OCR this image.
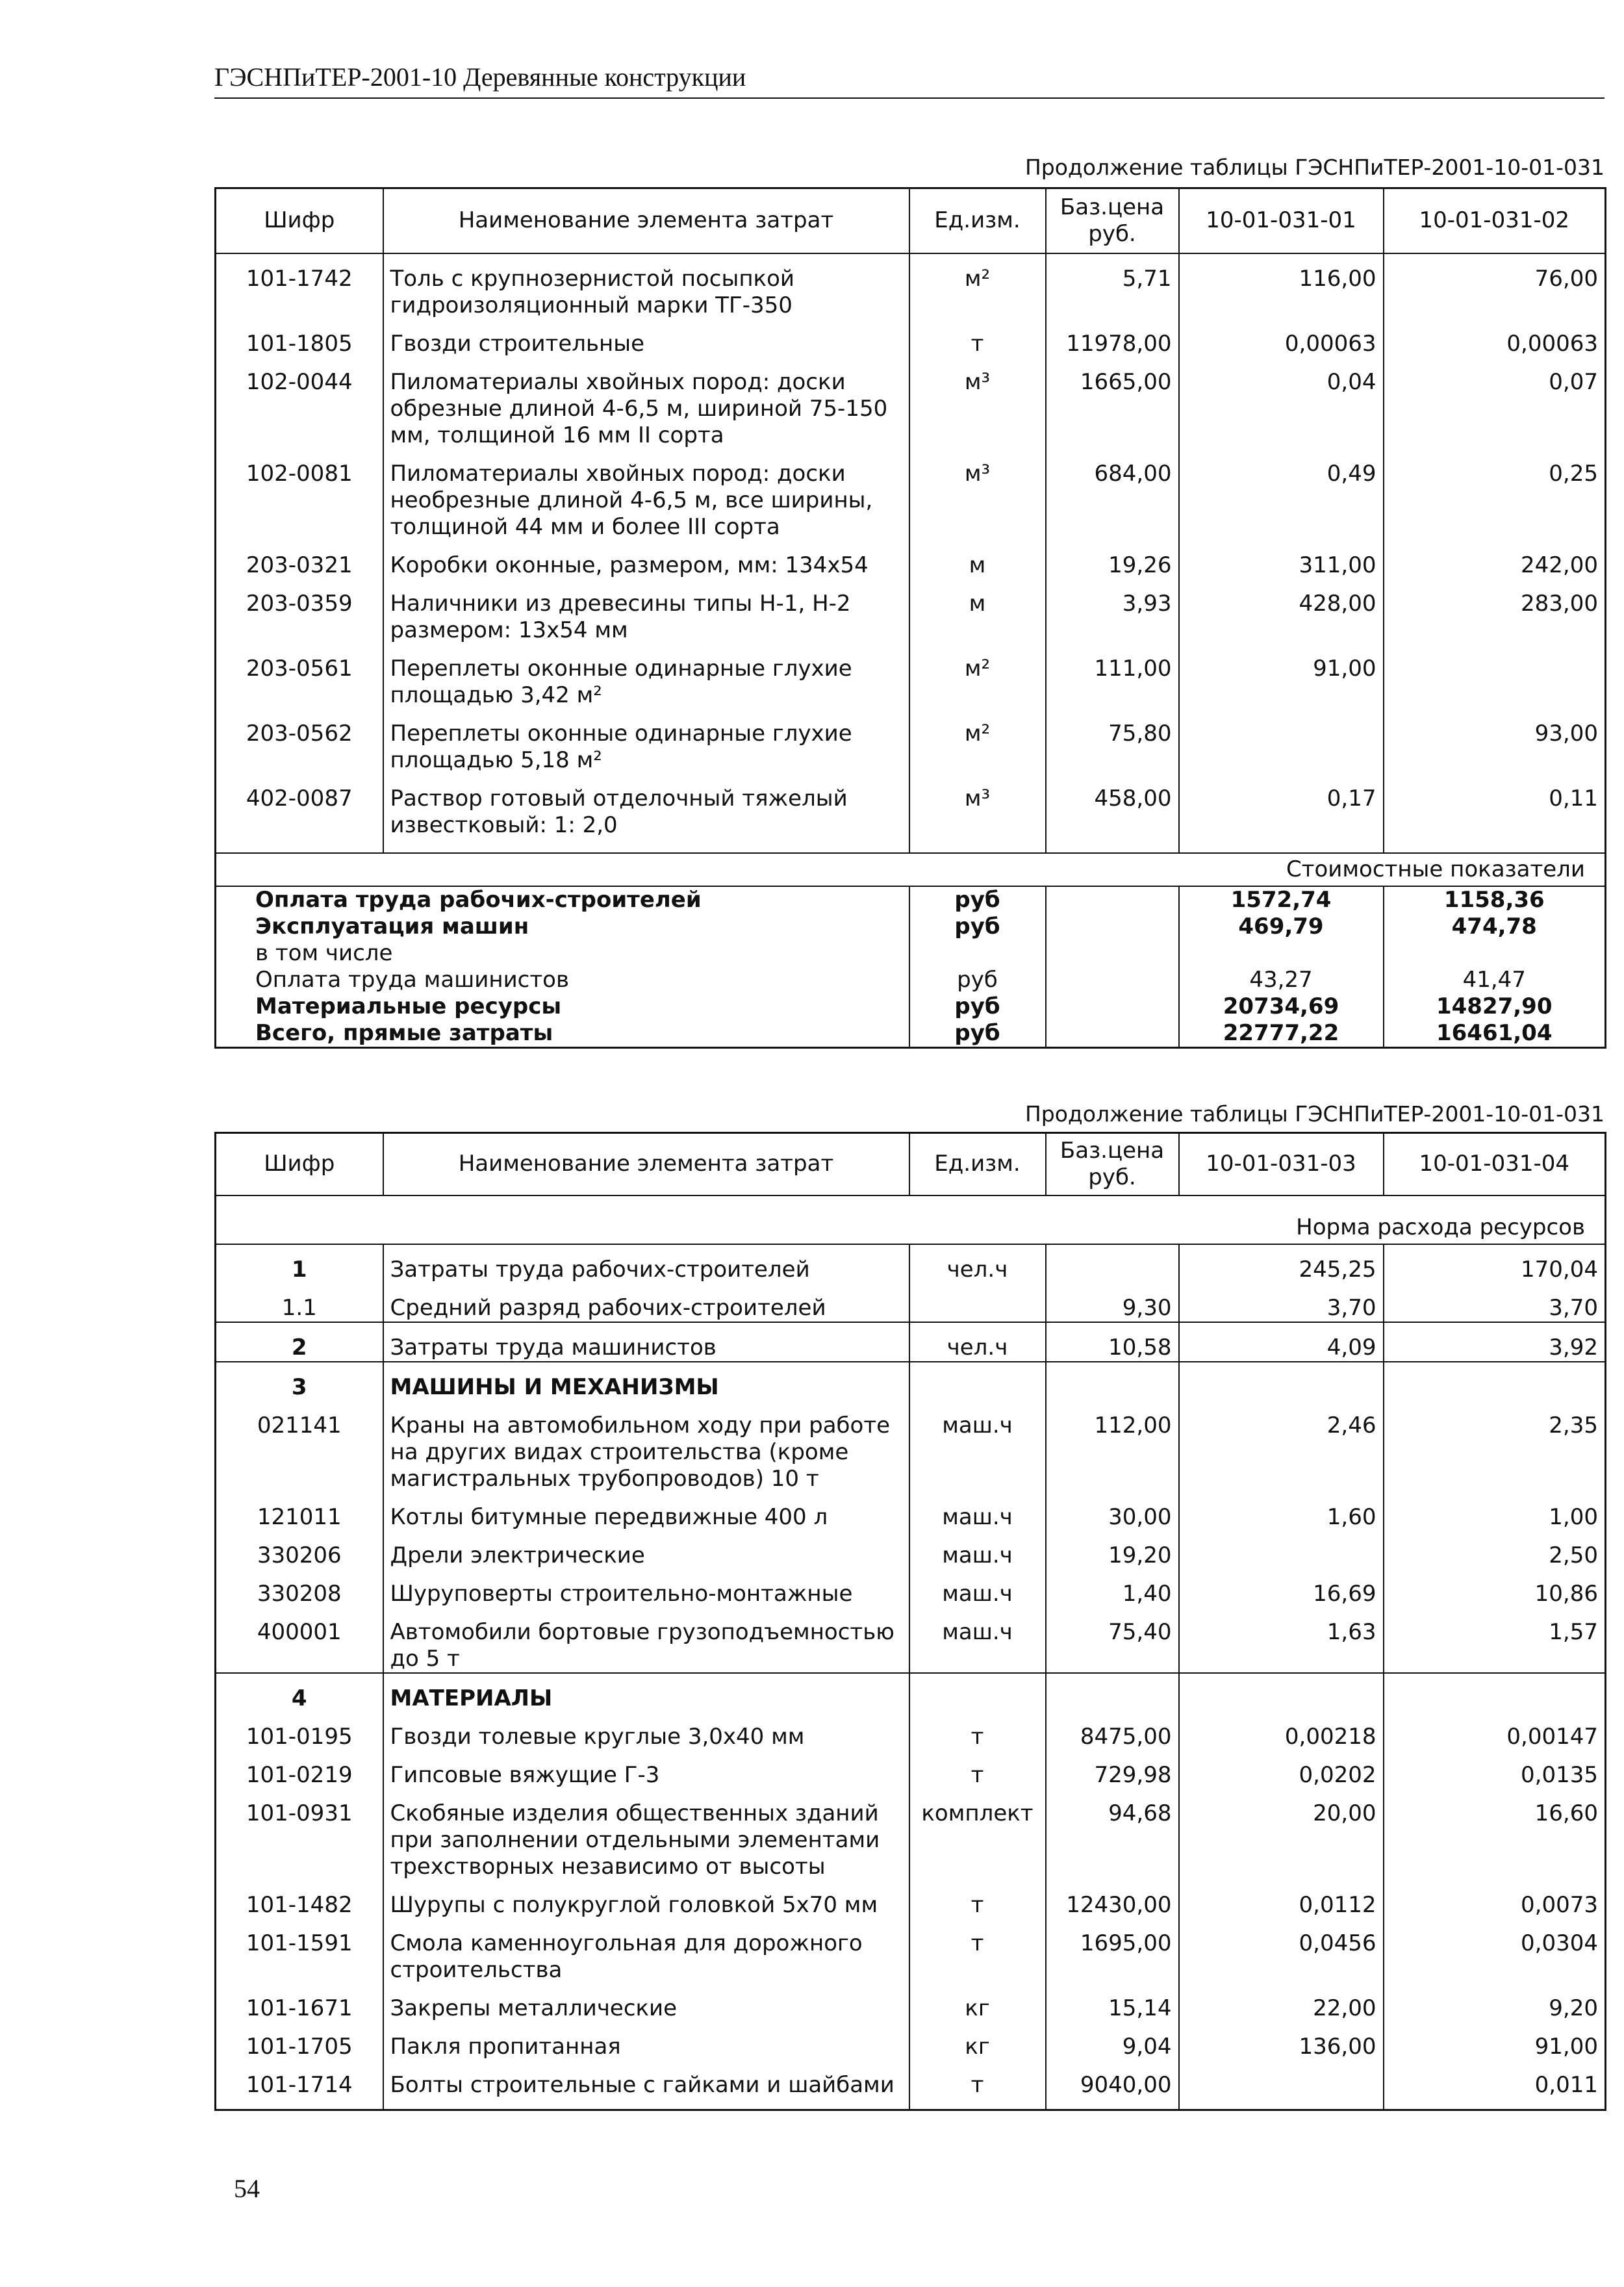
ГЭСНПиТЕР-2001-10 Деревянные конструкции
Продолжение таблицы ГЭСНПиТЕР-2001-10-01-031
Шифр	Наименование элемента затрат	Ед.изм.	Баз.цена руб.	10-01-031-01	10-01-031-02
101-1742	Толь с крупнозернистой посыпкой гидроизоляционный марки ТГ-350	м²	5,71	116,00	76,00
101-1805	Гвозди строительные	т	11978,00	0,00063	0,00063
102-0044	Пиломатериалы хвойных пород: доски обрезные длиной 4-6,5 м, шириной 75-150 мм, толщиной 16 мм II сорта	м³	1665,00	0,04	0,07
102-0081	Пиломатериалы хвойных пород: доски необрезные длиной 4-6,5 м, все ширины, толщиной 44 мм и более III сорта	м³	684,00	0,49	0,25
203-0321	Коробки оконные, размером, мм: 134х54	м	19,26	311,00	242,00
203-0359	Наличники из древесины типы Н-1, Н-2 размером: 13х54 мм	м	3,93	428,00	283,00
203-0561	Переплеты оконные одинарные глухие площадью 3,42 м²	м²	111,00	91,00	
203-0562	Переплеты оконные одинарные глухие площадью 5,18 м²	м²	75,80		93,00
402-0087	Раствор готовый отделочный тяжелый известковый: 1: 2,0	м³	458,00	0,17	0,11

Стоимостные показатели					
Оплата труда рабочих-строителей		руб		1572,74	1158,36
Эксплуатация машин		руб		469,79	474,78
в том числе					
Оплата труда машинистов		руб		43,27	41,47
Материальные ресурсы		руб		20734,69	14827,90
Всего, прямые затраты		руб		22777,22	16461,04
Продолжение таблицы ГЭСНПиТЕР-2001-10-01-031
Шифр	Наименование элемента затрат	Ед.изм.	Баз.цена руб.	10-01-031-03	10-01-031-04
Норма расхода ресурсов					
1	Затраты труда рабочих-строителей	чел.ч		245,25	170,04
1.1	Средний разряд рабочих-строителей		9,30	3,70	3,70
2	Затраты труда машинистов	чел.ч	10,58	4,09	3,92
3	МАШИНЫ И МЕХАНИЗМЫ				
021141	Краны на автомобильном ходу при работе на других видах строительства (кроме магистральных трубопроводов) 10 т	маш.ч	112,00	2,46	2,35
121011	Котлы битумные передвижные 400 л	маш.ч	30,00	1,60	1,00
330206	Дрели электрические	маш.ч	19,20		2,50
330208	Шуруповерты строительно-монтажные	маш.ч	1,40	16,69	10,86
400001	Автомобили бортовые грузоподъемностью до 5 т	маш.ч	75,40	1,63	1,57
4	МАТЕРИАЛЫ				
101-0195	Гвозди толевые круглые 3,0х40 мм	т	8475,00	0,00218	0,00147
101-0219	Гипсовые вяжущие Г-3	т	729,98	0,0202	0,0135
101-0931	Скобяные изделия общественных зданий при заполнении отдельными элементами трехстворных независимо от высоты	комплект	94,68	20,00	16,60
101-1482	Шурупы с полукруглой головкой 5х70 мм	т	12430,00	0,0112	0,0073
101-1591	Смола каменноугольная для дорожного строительства	т	1695,00	0,0456	0,0304
101-1671	Закрепы металлические	кг	15,14	22,00	9,20
101-1705	Пакля пропитанная	кг	9,04	136,00	91,00
101-1714	Болты строительные с гайками и шайбами	т	9040,00		0,011

54
